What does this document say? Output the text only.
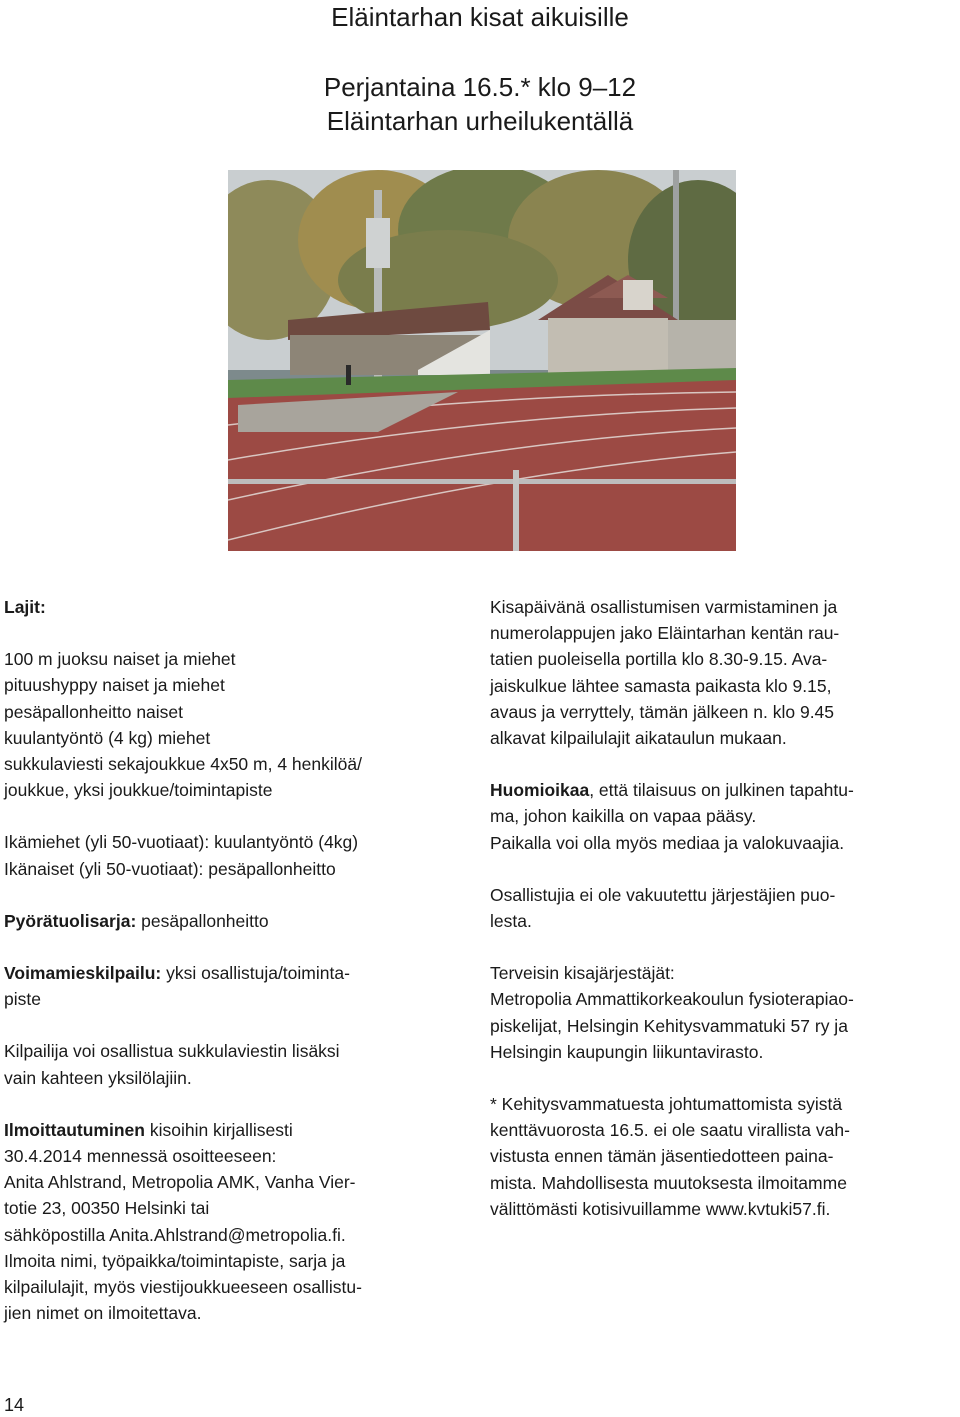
Eläintarhan kisat aikuisille
Perjantaina 16.5.* klo 9–12
Eläintarhan urheilukentällä

Lajit:

100 m juoksu naiset ja miehet

pituushyppy naiset ja miehet

pesäpallonheitto naiset

kuulantyöntö (4 kg) miehet

sukkulaviesti sekajoukkue 4x50 m, 4 henkilöä/

joukkue, yksi joukkue/toimintapiste

Ikämiehet (yli 50-vuotiaat): kuulantyöntö (4kg)

Ikänaiset (yli 50-vuotiaat): pesäpallonheitto

Pyörätuolisarja: pesäpallonheitto

Voimamieskilpailu: yksi osallistuja/toiminta-

piste

Kilpailija voi osallistua sukkulaviestin lisäksi

vain kahteen yksilölajiin.

Ilmoittautuminen kisoihin kirjallisesti

30.4.2014 mennessä osoitteeseen:

Anita Ahlstrand, Metropolia AMK, Vanha Vier-

totie 23, 00350 Helsinki tai

sähköpostilla Anita.Ahlstrand@metropolia.fi.

Ilmoita nimi, työpaikka/toimintapiste, sarja ja

kilpailulajit, myös viestijoukkueeseen osallistu-

jien nimet on ilmoitettava.

Kisapäivänä osallistumisen varmistaminen ja

numerolappujen jako Eläintarhan kentän rau-

tatien puoleisella portilla klo 8.30-9.15. Ava-

jaiskulkue lähtee samasta paikasta klo 9.15,

avaus ja verryttely, tämän jälkeen n. klo 9.45

alkavat kilpailulajit aikataulun mukaan.

Huomioikaa, että tilaisuus on julkinen tapahtu-

ma, johon kaikilla on vapaa pääsy.

Paikalla voi olla myös mediaa ja valokuvaajia.

Osallistujia ei ole vakuutettu järjestäjien puo-

lesta.

Terveisin kisajärjestäjät:

Metropolia Ammattikorkeakoulun fysioterapiao-

piskelijat, Helsingin Kehitysvammatuki 57 ry ja

Helsingin kaupungin liikuntavirasto.

* Kehitysvammatuesta johtumattomista syistä

kenttävuorosta 16.5. ei ole saatu virallista vah-

vistusta ennen tämän jäsentiedotteen paina-

mista. Mahdollisesta muutoksesta ilmoitamme

välittömästi kotisivuillamme www.kvtuki57.fi.

14
